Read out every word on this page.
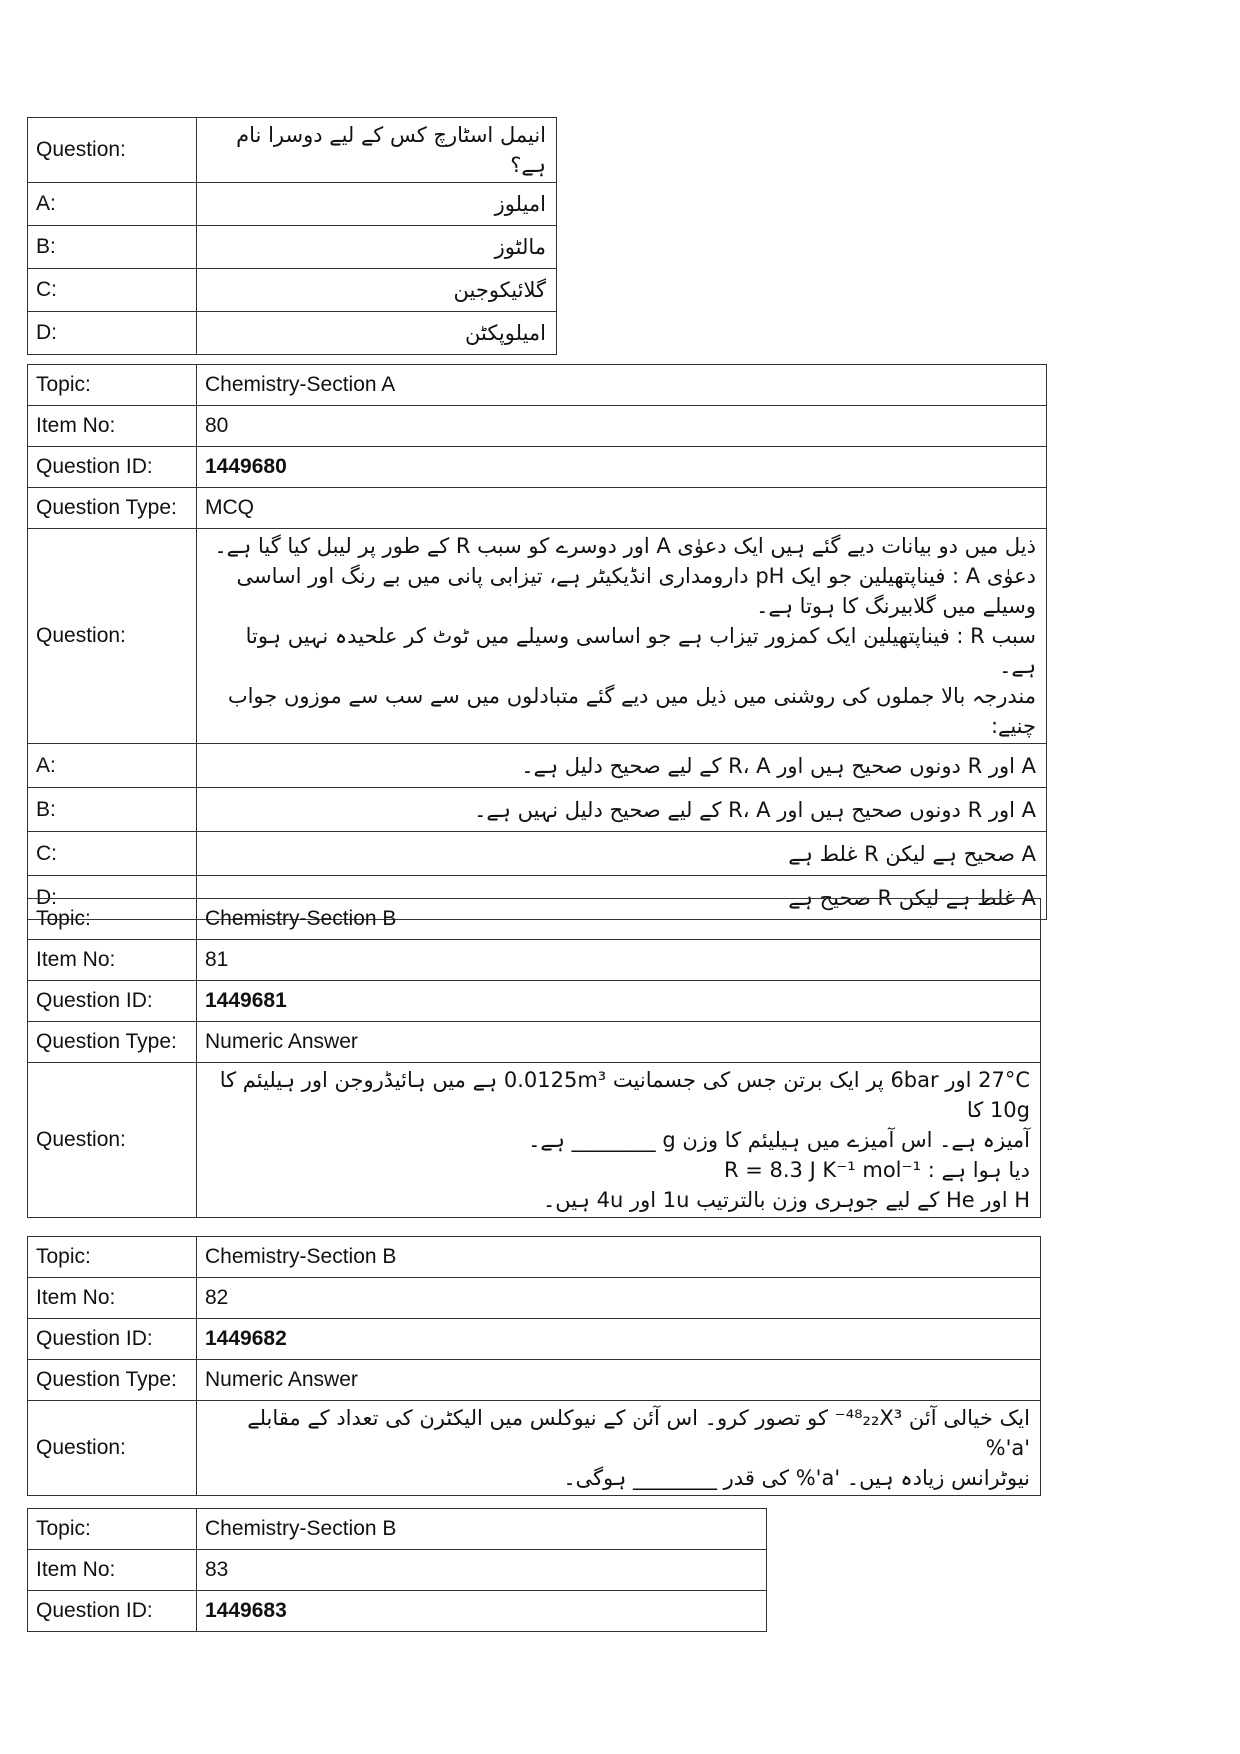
Question:	انیمل اسٹارچ کس کے لیے دوسرا نام ہے؟
A:	امیلوز
B:	مالٹوز
C:	گلائیکوجین
D:	امیلوپکٹن
Topic:	Chemistry-Section A
Item No:	80
Question ID:	1449680
Question Type:	MCQ
Question:	ذیل میں دو بیانات دیے گئے ہیں ایک دعوٰی A اور دوسرے کو سبب R کے طور پر لیبل کیا گیا ہے۔
دعوٰی A : فیناپتھیلین جو ایک pH دارومداری انڈیکیٹر ہے، تیزابی پانی میں بے رنگ اور اساسی
وسیلے میں گلابیرنگ کا ہوتا ہے۔
سبب R : فیناپتھیلین ایک کمزور تیزاب ہے جو اساسی وسیلے میں ٹوٹ کر علحیدہ نہیں ہوتا ہے۔
مندرجہ بالا جملوں کی روشنی میں ذیل میں دیے گئے متبادلوں میں سے سب سے موزوں جواب چنیے:

A:	A اور R دونوں صحیح ہیں اور R، A کے لیے صحیح دلیل ہے۔
B:	A اور R دونوں صحیح ہیں اور R، A کے لیے صحیح دلیل نہیں ہے۔
C:	A صحیح ہے لیکن R غلط ہے
D:	A غلط ہے لیکن R صحیح ہے
Topic:	Chemistry-Section B
Item No:	81
Question ID:	1449681
Question Type:	Numeric Answer
Question:	27°C اور 6bar پر ایک برتن جس کی جسمانیت 0.0125m³ ہے میں ہائیڈروجن اور ہیلیئم کا 10g کا
آمیزہ ہے۔ اس آمیزے میں ہیلیئم کا وزن g ________ ہے۔
دیا ہوا ہے : R = 8.3 J K⁻¹ mol⁻¹
H اور He کے لیے جوہری وزن بالترتیب 1u اور 4u ہیں۔
Topic:	Chemistry-Section B
Item No:	82
Question ID:	1449682
Question Type:	Numeric Answer
Question:	ایک خیالی آئن ⁴⁸₂₂X³⁻ کو تصور کرو۔ اس آئن کے نیوکلس میں الیکٹرن کی تعداد کے مقابلے 'a'%
نیوٹرانس زیادہ ہیں۔ 'a'% کی قدر ________ ہوگی۔
Topic:	Chemistry-Section B
Item No:	83
Question ID:	1449683
